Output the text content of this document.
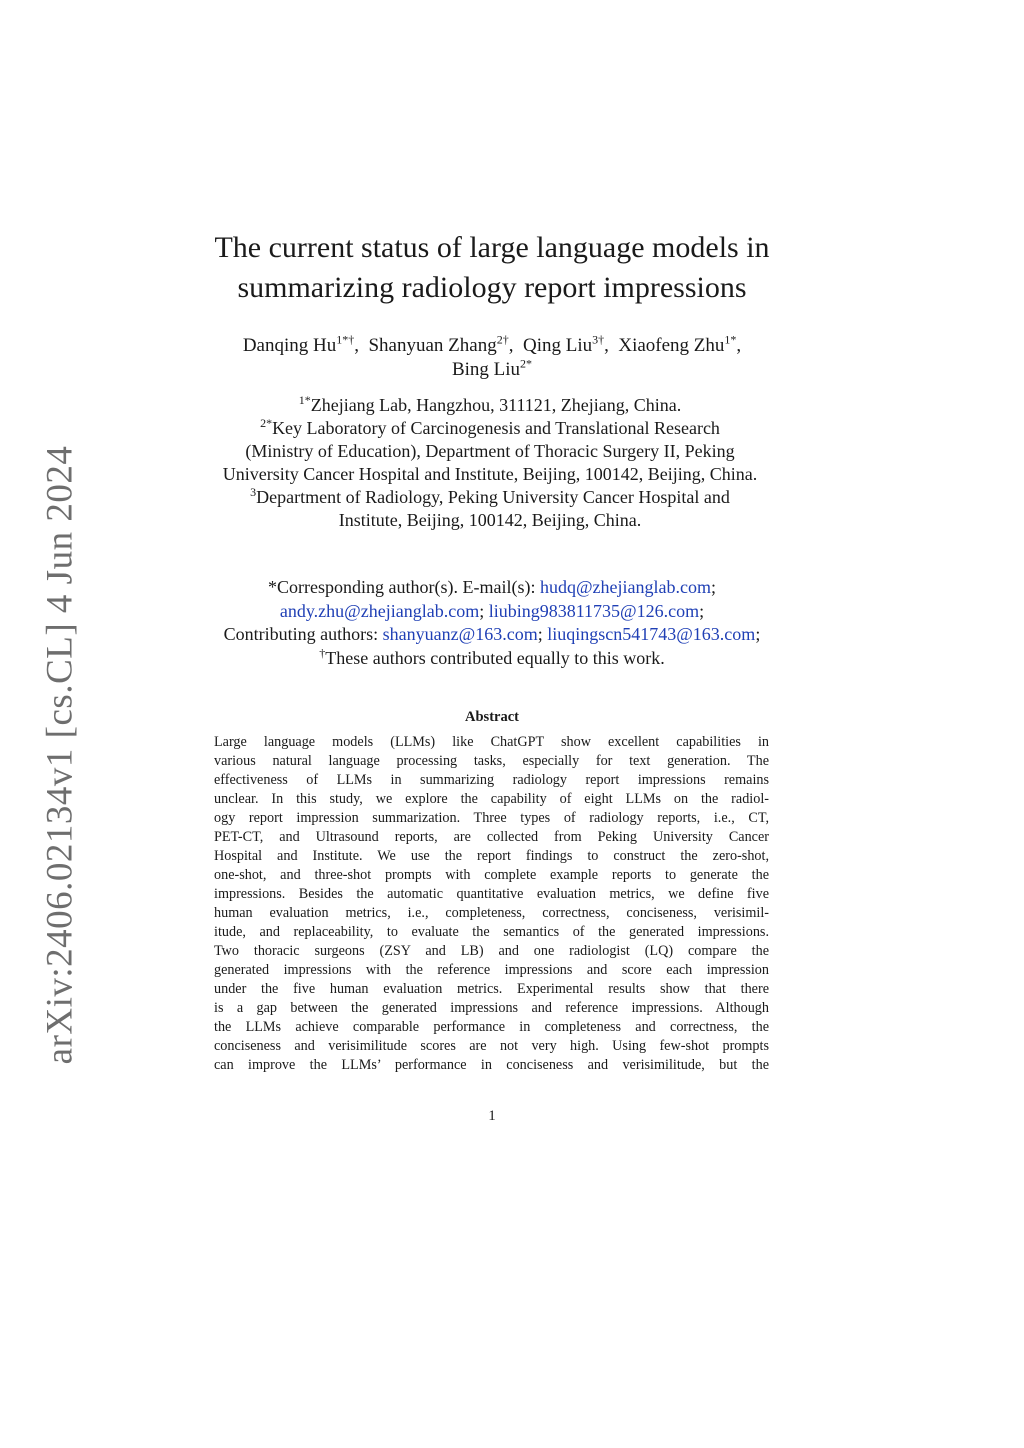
arXiv:2406.02134v1 [cs.CL] 4 Jun 2024
The current status of large language models in
summarizing radiology report impressions
Danqing $Hu^{1*\dagger}$,  Shanyuan Zhang$^{2\dagger}$,  Qing Liu$^{3\dagger}$,  Xiaofeng Zhu$^{1*}$,
Bing Liu$^{2*}$
$^{1*}$Zhejiang Lab, Hangzhou, 311121, Zhejiang, China.
$^{2*}$Key Laboratory of Carcinogenesis and Translational Research
(Ministry of Education), Department of Thoracic Surgery II, Peking
University Cancer Hospital and Institute, Beijing, 100142, Beijing, China.
$^3$Department of Radiology, Peking University Cancer Hospital and
Institute, Beijing, 100142, Beijing, China.
*Corresponding author(s). E-mail(s): hudq@zhejianglab.com;
andy.zhu@zhejianglab.com; liubing983811735@126.com;
Contributing authors: shanyuanz@163.com; liuqingscn541743@163.com;
†These authors contributed equally to this work.
Abstract
Large language models (LLMs) like ChatGPT show excellent capabilities in
various natural language processing tasks, especially for text generation. The
effectiveness of LLMs in summarizing radiology report impressions remains
unclear. In this study, we explore the capability of eight LLMs on the radiol-
ogy report impression summarization. Three types of radiology reports, i.e., CT,
PET-CT, and Ultrasound reports, are collected from Peking University Cancer
Hospital and Institute. We use the report findings to construct the zero-shot,
one-shot, and three-shot prompts with complete example reports to generate the
impressions. Besides the automatic quantitative evaluation metrics, we define five
human evaluation metrics, i.e., completeness, correctness, conciseness, verisimil-
itude, and replaceability, to evaluate the semantics of the generated impressions.
Two thoracic surgeons (ZSY and LB) and one radiologist (LQ) compare the
generated impressions with the reference impressions and score each impression
under the five human evaluation metrics. Experimental results show that there
is a gap between the generated impressions and reference impressions. Although
the LLMs achieve comparable performance in completeness and correctness, the
conciseness and verisimilitude scores are not very high. Using few-shot prompts
can improve the LLMs’ performance in conciseness and verisimilitude, but the
1
